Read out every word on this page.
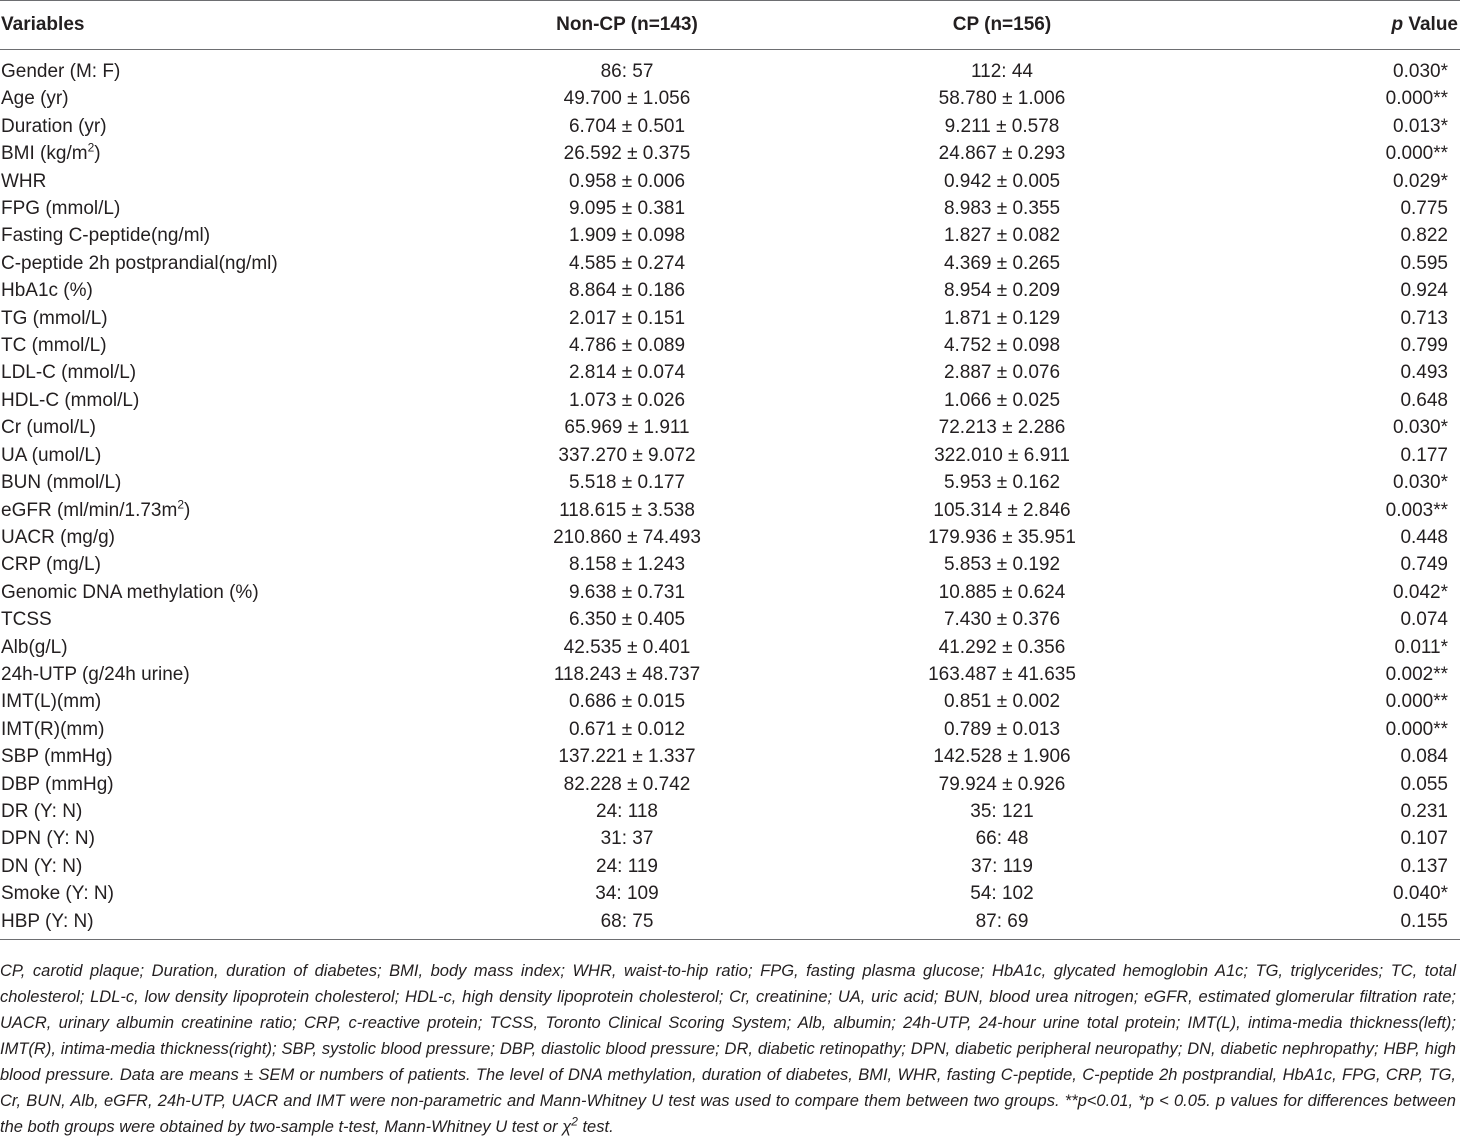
Variables	Non-CP (n=143)	CP (n=156)	p Value

Gender (M: F)	86: 57	112: 44	0.030*
Age (yr)	49.700 ± 1.056	58.780 ± 1.006	0.000**
Duration (yr)	6.704 ± 0.501	9.211 ± 0.578	0.013*
BMI $(kg/m^2)$	26.592 ± 0.375	24.867 ± 0.293	0.000**
WHR	0.958 ± 0.006	0.942 ± 0.005	0.029*
FPG (mmol/L)	9.095 ± 0.381	8.983 ± 0.355	0.775
Fasting C-peptide(ng/ml)	1.909 ± 0.098	1.827 ± 0.082	0.822
C-peptide 2h postprandial(ng/ml)	4.585 ± 0.274	4.369 ± 0.265	0.595
HbA1c (%)	8.864 ± 0.186	8.954 ± 0.209	0.924
TG (mmol/L)	2.017 ± 0.151	1.871 ± 0.129	0.713
TC (mmol/L)	4.786 ± 0.089	4.752 ± 0.098	0.799
LDL-C (mmol/L)	2.814 ± 0.074	2.887 ± 0.076	0.493
HDL-C (mmol/L)	1.073 ± 0.026	1.066 ± 0.025	0.648
Cr (umol/L)	65.969 ± 1.911	72.213 ± 2.286	0.030*
UA (umol/L)	337.270 ± 9.072	322.010 ± 6.911	0.177
BUN (mmol/L)	5.518 ± 0.177	5.953 ± 0.162	0.030*
eGFR $(ml/\min/1.73m^2)$	118.615 ± 3.538	105.314 ± 2.846	0.003**
UACR (mg/g)	210.860 ± 74.493	179.936 ± 35.951	0.448
CRP (mg/L)	8.158 ± 1.243	5.853 ± 0.192	0.749
Genomic DNA methylation (%)	9.638 ± 0.731	10.885 ± 0.624	0.042*
TCSS	6.350 ± 0.405	7.430 ± 0.376	0.074
Alb(g/L)	42.535 ± 0.401	41.292 ± 0.356	0.011*
24h-UTP (g/24h urine)	118.243 ± 48.737	163.487 ± 41.635	0.002**
IMT(L)(mm)	0.686 ± 0.015	0.851 ± 0.002	0.000**
IMT(R)(mm)	0.671 ± 0.012	0.789 ± 0.013	0.000**
SBP (mmHg)	137.221 ± 1.337	142.528 ± 1.906	0.084
DBP (mmHg)	82.228 ± 0.742	79.924 ± 0.926	0.055
DR (Y: N)	24: 118	35: 121	0.231
DPN (Y: N)	31: 37	66: 48	0.107
DN (Y: N)	24: 119	37: 119	0.137
Smoke (Y: N)	34: 109	54: 102	0.040*
HBP (Y: N)	68: 75	87: 69	0.155
CP, carotid plaque; Duration, duration of diabetes; BMI, body mass index; WHR, waist-to-hip ratio; FPG, fasting plasma glucose; HbA1c, glycated hemoglobin A1c; TG, triglycerides; TC, total cholesterol; LDL-c, low density lipoprotein cholesterol; HDL-c, high density lipoprotein cholesterol; Cr, creatinine; UA, uric acid; BUN, blood urea nitrogen; eGFR, estimated glomerular filtration rate; UACR, urinary albumin creatinine ratio; CRP, c-reactive protein; TCSS, Toronto Clinical Scoring System; Alb, albumin; 24h-UTP, 24-hour urine total protein; IMT(L), intima-media thickness(left); IMT(R), intima-media thickness(right); SBP, systolic blood pressure; DBP, diastolic blood pressure; DR, diabetic retinopathy; DPN, diabetic peripheral neuropathy; DN, diabetic nephropathy; HBP, high blood pressure. Data are means ± SEM or numbers of patients. The level of DNA methylation, duration of diabetes, BMI, WHR, fasting C-peptide, C-peptide 2h postprandial, HbA1c, FPG, CRP, TG, Cr, BUN, Alb, eGFR, 24h-UTP, UACR and IMT were non-parametric and Mann-Whitney U test was used to compare them between two groups. **p<0.01, *p < 0.05. p values for differences between the both groups were obtained by two-sample t-test, Mann-Whitney U test or $\chi^2$ test.
